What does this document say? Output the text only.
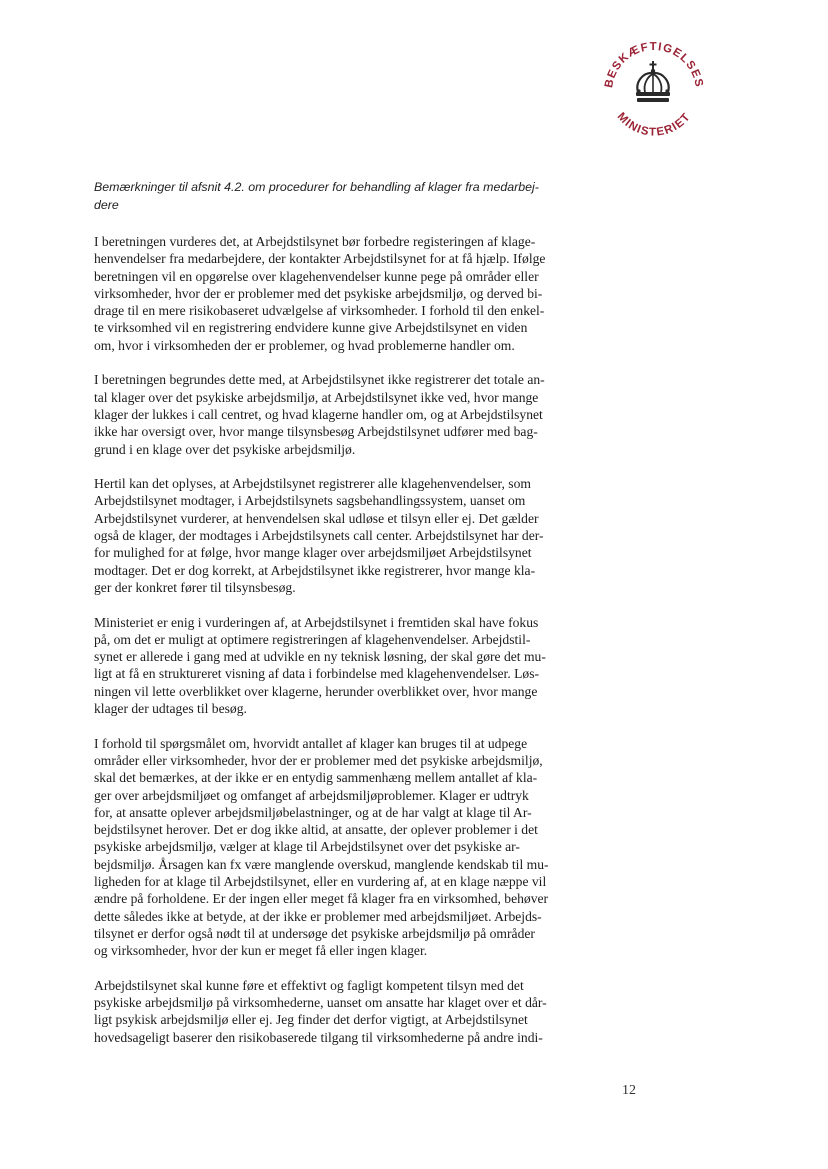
BESKÆFTIGELSES
MINISTERIET
Bemærkninger til afsnit 4.2. om procedurer for behandling af klager fra medarbej-
dere

I beretningen vurderes det, at Arbejdstilsynet bør forbedre registeringen af klage-
henvendelser fra medarbejdere, der kontakter Arbejdstilsynet for at få hjælp. Ifølge
beretningen vil en opgørelse over klagehenvendelser kunne pege på områder eller
virksomheder, hvor der er problemer med det psykiske arbejdsmiljø, og derved bi-
drage til en mere risikobaseret udvælgelse af virksomheder. I forhold til den enkel-
te virksomhed vil en registrering endvidere kunne give Arbejdstilsynet en viden
om, hvor i virksomheden der er problemer, og hvad problemerne handler om.

I beretningen begrundes dette med, at Arbejdstilsynet ikke registrerer det totale an-
tal klager over det psykiske arbejdsmiljø, at Arbejdstilsynet ikke ved, hvor mange
klager der lukkes i call centret, og hvad klagerne handler om, og at Arbejdstilsynet
ikke har oversigt over, hvor mange tilsynsbesøg Arbejdstilsynet udfører med bag-
grund i en klage over det psykiske arbejdsmiljø.

Hertil kan det oplyses, at Arbejdstilsynet registrerer alle klagehenvendelser, som
Arbejdstilsynet modtager, i Arbejdstilsynets sagsbehandlingssystem, uanset om
Arbejdstilsynet vurderer, at henvendelsen skal udløse et tilsyn eller ej. Det gælder
også de klager, der modtages i Arbejdstilsynets call center. Arbejdstilsynet har der-
for mulighed for at følge, hvor mange klager over arbejdsmiljøet Arbejdstilsynet
modtager. Det er dog korrekt, at Arbejdstilsynet ikke registrerer, hvor mange kla-
ger der konkret fører til tilsynsbesøg.

Ministeriet er enig i vurderingen af, at Arbejdstilsynet i fremtiden skal have fokus
på, om det er muligt at optimere registreringen af klagehenvendelser. Arbejdstil-
synet er allerede i gang med at udvikle en ny teknisk løsning, der skal gøre det mu-
ligt at få en struktureret visning af data i forbindelse med klagehenvendelser. Løs-
ningen vil lette overblikket over klagerne, herunder overblikket over, hvor mange
klager der udtages til besøg.

I forhold til spørgsmålet om, hvorvidt antallet af klager kan bruges til at udpege
områder eller virksomheder, hvor der er problemer med det psykiske arbejdsmiljø,
skal det bemærkes, at der ikke er en entydig sammenhæng mellem antallet af kla-
ger over arbejdsmiljøet og omfanget af arbejdsmiljøproblemer. Klager er udtryk
for, at ansatte oplever arbejdsmiljøbelastninger, og at de har valgt at klage til Ar-
bejdstilsynet herover. Det er dog ikke altid, at ansatte, der oplever problemer i det
psykiske arbejdsmiljø, vælger at klage til Arbejdstilsynet over det psykiske ar-
bejdsmiljø. Årsagen kan fx være manglende overskud, manglende kendskab til mu-
ligheden for at klage til Arbejdstilsynet, eller en vurdering af, at en klage næppe vil
ændre på forholdene. Er der ingen eller meget få klager fra en virksomhed, behøver
dette således ikke at betyde, at der ikke er problemer med arbejdsmiljøet. Arbejds-
tilsynet er derfor også nødt til at undersøge det psykiske arbejdsmiljø på områder
og virksomheder, hvor der kun er meget få eller ingen klager.

Arbejdstilsynet skal kunne føre et effektivt og fagligt kompetent tilsyn med det
psykiske arbejdsmiljø på virksomhederne, uanset om ansatte har klaget over et dår-
ligt psykisk arbejdsmiljø eller ej. Jeg finder det derfor vigtigt, at Arbejdstilsynet
hovedsageligt baserer den risikobaserede tilgang til virksomhederne på andre indi-

12
